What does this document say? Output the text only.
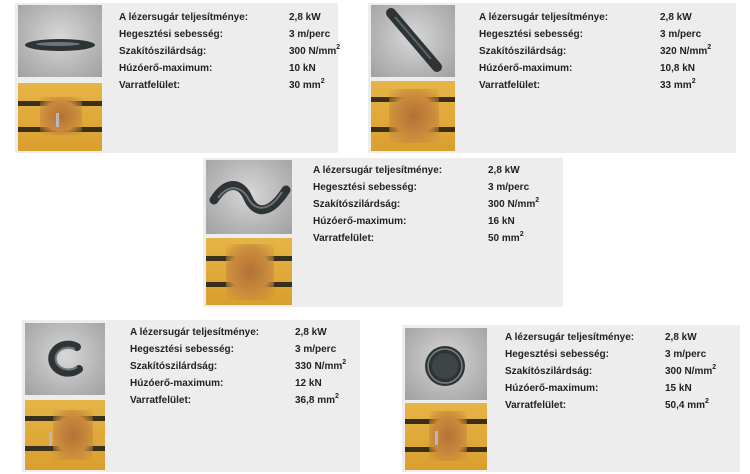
A lézersugár teljesítménye:	2,8 kW
Hegesztési sebesség:	3 m/perc
Szakítószilárdság:	300 $N/mm^2$
Húzóerő-maximum:	10 kN
Varratfelület:	30 $mm^2$
A lézersugár teljesítménye:	2,8 kW
Hegesztési sebesség:	3 m/perc
Szakítószilárdság:	320 $N/mm^2$
Húzóerő-maximum:	10,8 kN
Varratfelület:	33 $mm^2$
A lézersugár teljesítménye:	2,8 kW
Hegesztési sebesség:	3 m/perc
Szakítószilárdság:	300 $N/mm^2$
Húzóerő-maximum:	16 kN
Varratfelület:	50 $mm^2$
A lézersugár teljesítménye:	2,8 kW
Hegesztési sebesség:	3 m/perc
Szakítószilárdság:	330 $N/mm^2$
Húzóerő-maximum:	12 kN
Varratfelület:	36,8 $mm^2$
A lézersugár teljesítménye:	2,8 kW
Hegesztési sebesség:	3 m/perc
Szakítószilárdság:	300 $N/mm^2$
Húzóerő-maximum:	15 kN
Varratfelület:	50,4 $mm^2$
